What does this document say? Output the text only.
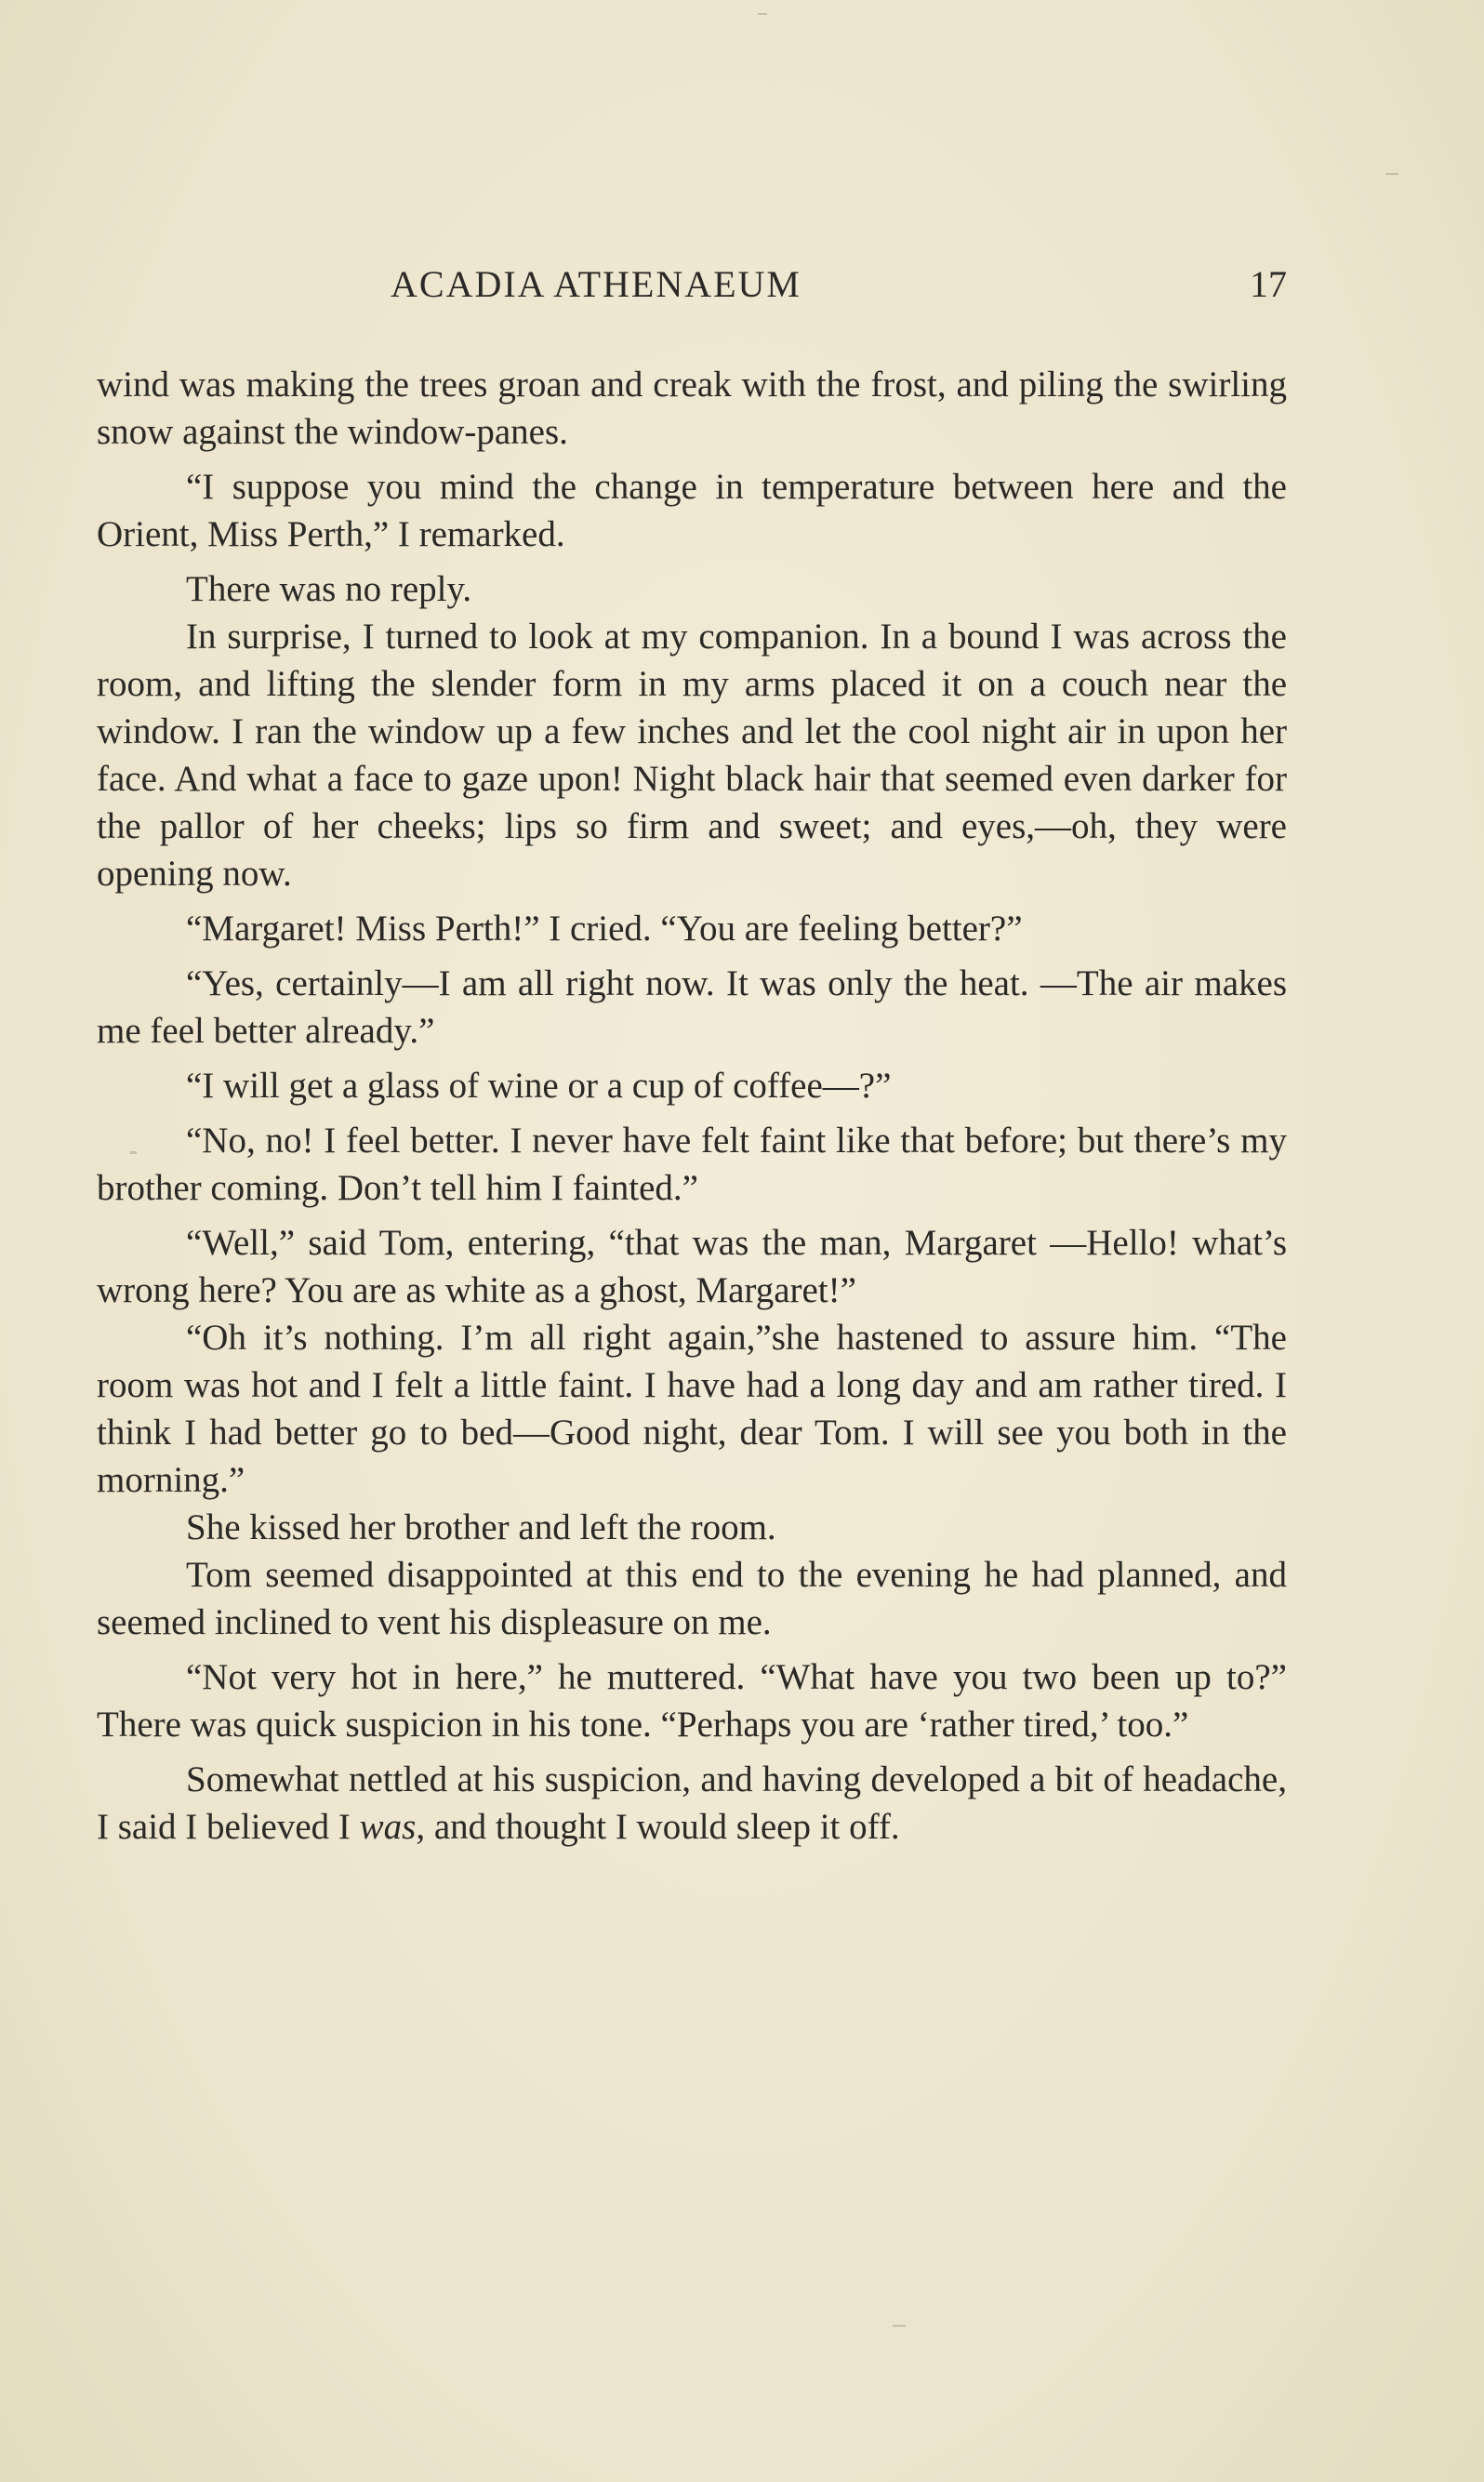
ACADIA ATHENAEUM	17

wind was making the trees groan and creak with the frost, and piling the swirling snow against the window-panes.

“I suppose you mind the change in temperature between here and the Orient, Miss Perth,” I remarked.

There was no reply.

In surprise, I turned to look at my companion. In a bound I was across the room, and lifting the slender form in my arms placed it on a couch near the window. I ran the window up a few inches and let the cool night air in upon her face. And what a face to gaze upon! Night black hair that seemed even darker for the pallor of her cheeks; lips so firm and sweet; and eyes,—oh, they were opening now.

“Margaret! Miss Perth!” I cried. “You are feeling better?”

“Yes, certainly—I am all right now. It was only the heat. —The air makes me feel better already.”

“I will get a glass of wine or a cup of coffee—?”

“No, no! I feel better. I never have felt faint like that before; but there’s my brother coming. Don’t tell him I fainted.”

“Well,” said Tom, entering, “that was the man, Margaret —Hello! what’s wrong here? You are as white as a ghost, Margaret!”

“Oh it’s nothing. I’m all right again,”she hastened to assure him. “The room was hot and I felt a little faint. I have had a long day and am rather tired. I think I had better go to bed—Good night, dear Tom. I will see you both in the morning.”

She kissed her brother and left the room.

Tom seemed disappointed at this end to the evening he had planned, and seemed inclined to vent his displeasure on me.

“Not very hot in here,” he muttered. “What have you two been up to?” There was quick suspicion in his tone. “Perhaps you are ‘rather tired,’ too.”

Somewhat nettled at his suspicion, and having developed a bit of headache, I said I believed I was, and thought I would sleep it off.
